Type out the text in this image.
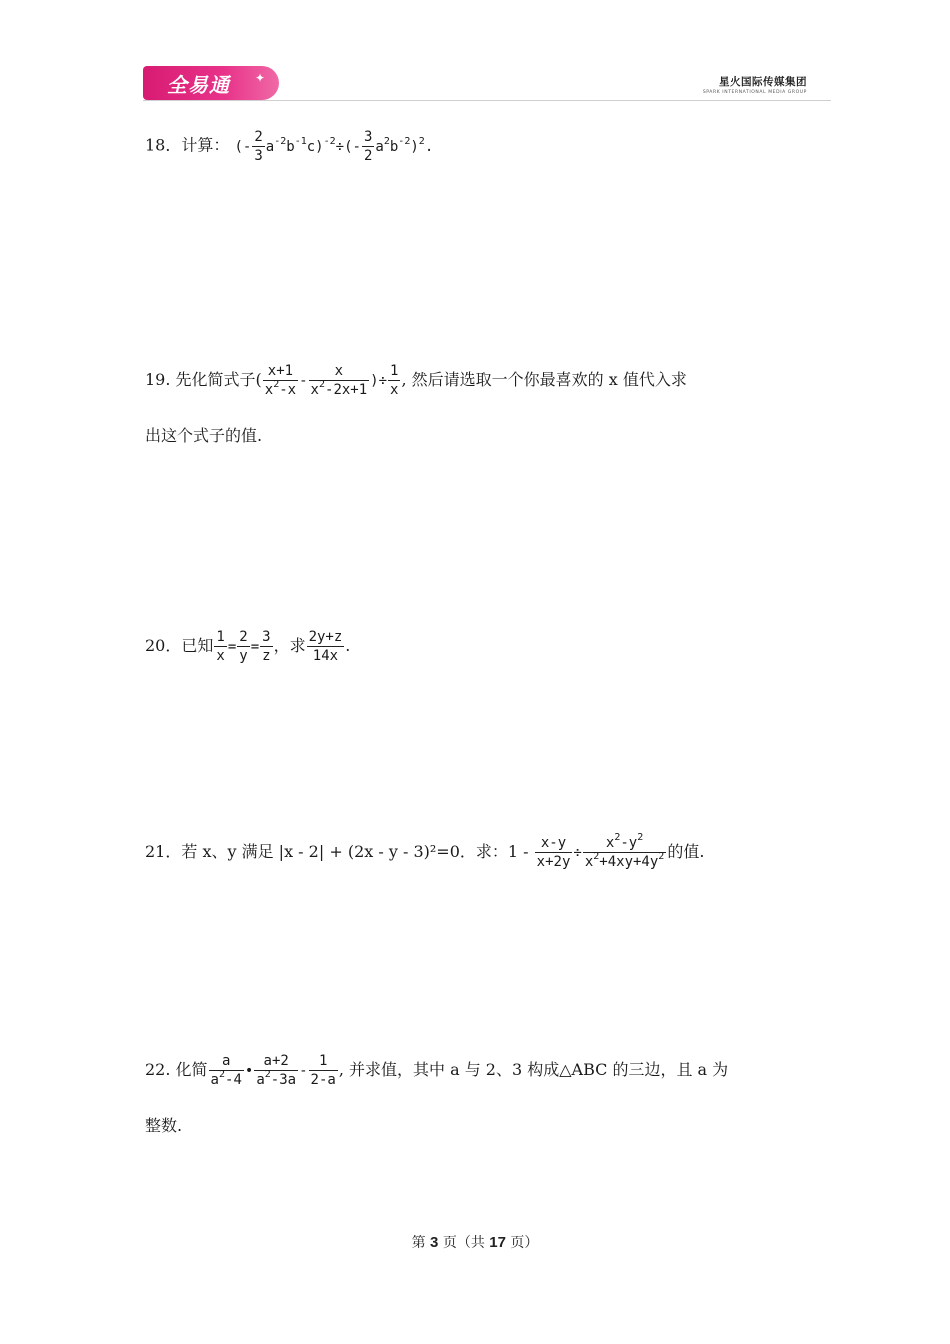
全易通 ✦	星火国际传媒集团
SPARK INTERNATIONAL MEDIA GROUP
18．计算： (- $\frac{2}{3} a^{-2}b^{-1}c)^{-2}\div(- \frac{3}{2} a^2b^{-2})^2$.
19. 先化简式子( $\frac{x+1}{x^2-x} - \frac{x}{x^2-2x+1}$ )÷ $\frac{1}{x}$ , 然后请选取一个你最喜欢的 x 值代入求
出这个式子的值.
20．已知 $\frac{1}{x} = \frac{2}{y} = \frac{3}{z}$ ，求 $\frac{2y+z}{14x}$ .
21．若 x、y 满足 |x - 2| + (2x - y - 3)²=0．求：$1 - \frac{x-y}{x+2y} \div \frac{x^2-y^2}{x^2+4xy+4y^2}$ 的值.
22. 化简 $\frac{a}{a^2-4}$ • $\frac{a+2}{a^2-3a} - \frac{1}{2-a}$ , 并求值，其中 a 与 2、3 构成△ABC 的三边，且 a 为
整数.
第 3 页（共 17 页）
